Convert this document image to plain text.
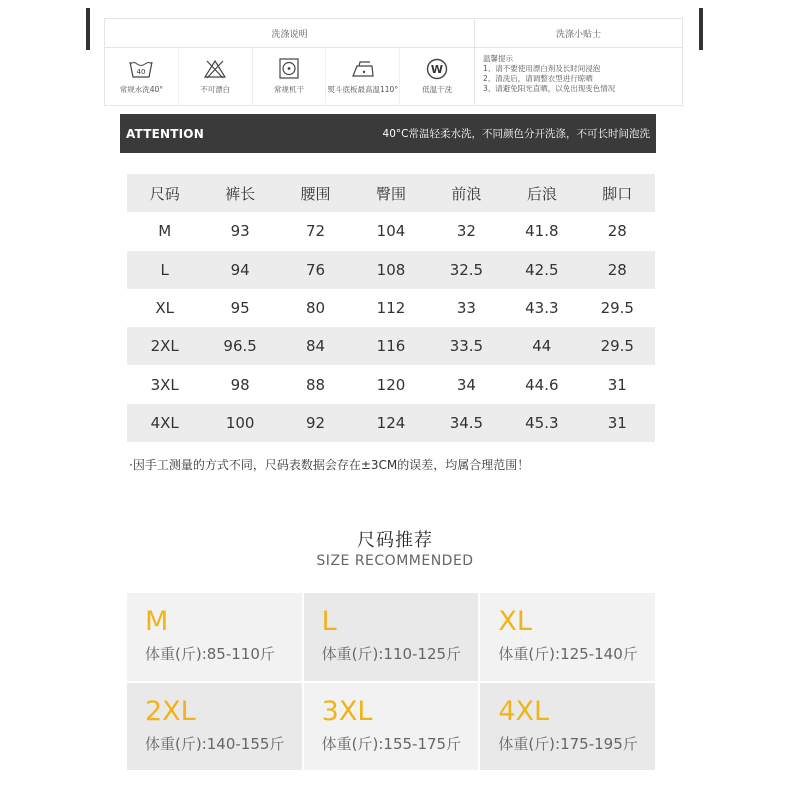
洗涤说明	洗涤小贴士
40
常规水洗40°	不可漂白	常规机干	熨斗底板最高温110°
W
低温干洗
温馨提示
1、请不要使用漂白剂及长时间浸泡
2、清洗后，请调整衣型进行晾晒
3、请避免阳光直晒，以免出现变色情况
ATTENTION	40°C常温轻柔水洗，不同颜色分开洗涤，不可长时间泡洗
尺码	裤长	腰围	臀围	前浪	后浪	脚口
M	93	72	104	32	41.8	28
L	94	76	108	32.5	42.5	28
XL	95	80	112	33	43.3	29.5
2XL	96.5	84	116	33.5	44	29.5
3XL	98	88	120	34	44.6	31
4XL	100	92	124	34.5	45.3	31
·因手工测量的方式不同，尺码表数据会存在±3CM的误差，均属合理范围！
尺码推荐
SIZE RECOMMENDED
M
体重(斤):85-110斤
L
体重(斤):110-125斤
XL
体重(斤):125-140斤
2XL
体重(斤):140-155斤
3XL
体重(斤):155-175斤
4XL
体重(斤):175-195斤
